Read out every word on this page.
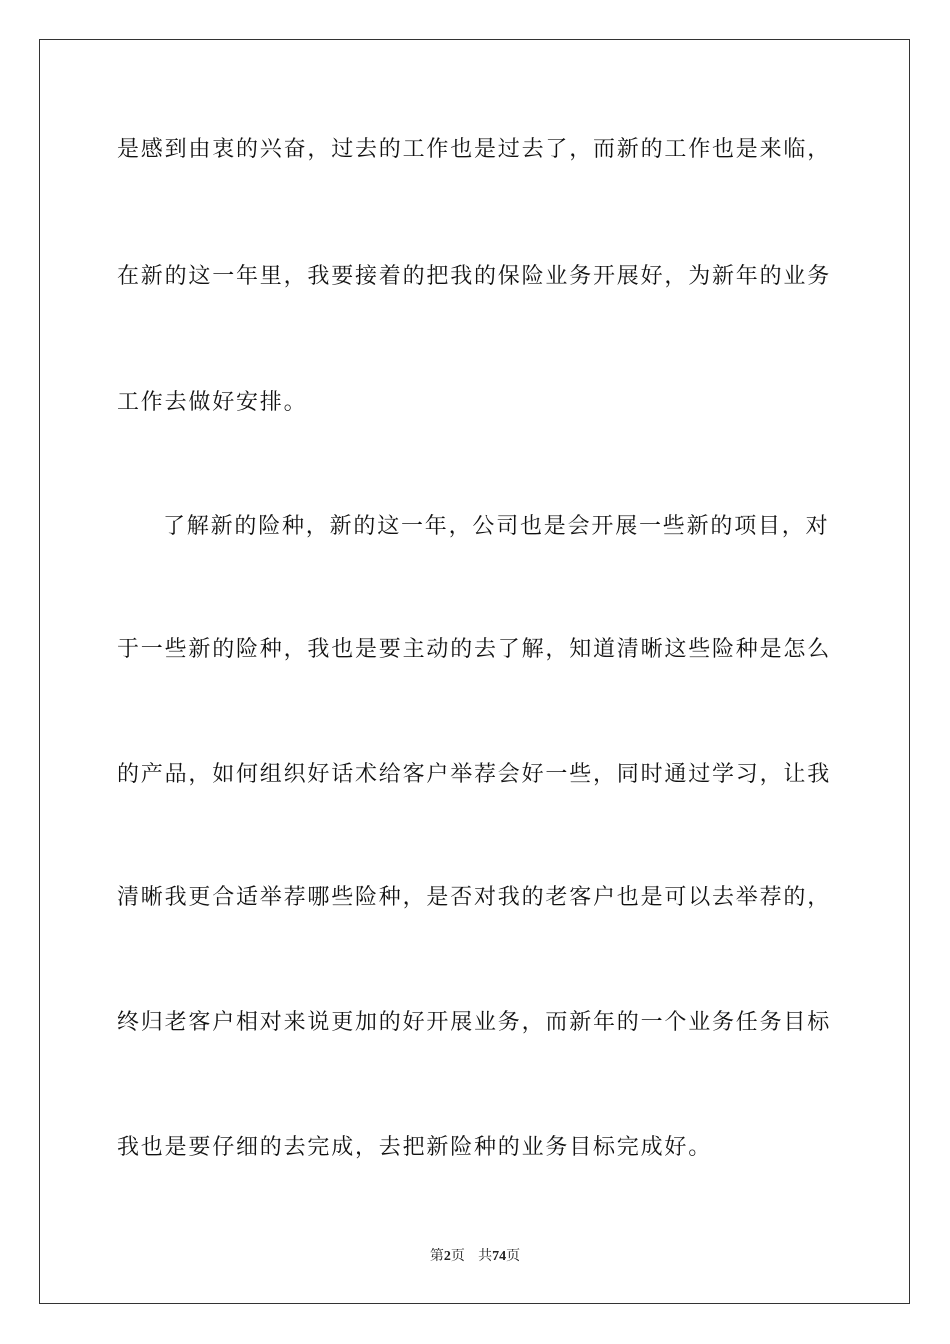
是感到由衷的兴奋，过去的工作也是过去了，而新的工作也是来临，
在新的这一年里，我要接着的把我的保险业务开展好，为新年的业务
工作去做好安排。
了解新的险种，新的这一年，公司也是会开展一些新的项目，对
于一些新的险种，我也是要主动的去了解，知道清晰这些险种是怎么
的产品，如何组织好话术给客户举荐会好一些，同时通过学习，让我
清晰我更合适举荐哪些险种，是否对我的老客户也是可以去举荐的，
终归老客户相对来说更加的好开展业务，而新年的一个业务任务目标
我也是要仔细的去完成，去把新险种的业务目标完成好。
第2页 共74页
